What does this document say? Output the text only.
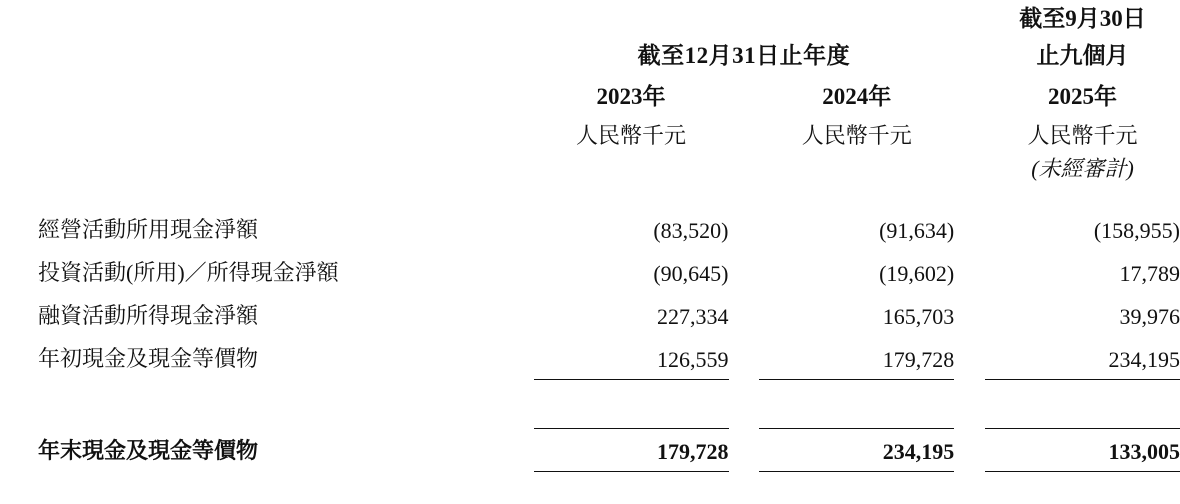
截至9月30日

	截至12月31日止年度			止九個月

	2023年		2024年		2025年
	人民幣千元		人民幣千元		人民幣千元
					(未經審計)

經營活動所用現金淨額	(83,520)		(91,634)		(158,955)
投資活動(所用)／所得現金淨額	(90,645)		(19,602)		17,789
融資活動所得現金淨額	227,334		165,703		39,976
年初現金及現金等價物	126,559		179,728		234,195

年末現金及現金等價物	179,728		234,195		133,005
